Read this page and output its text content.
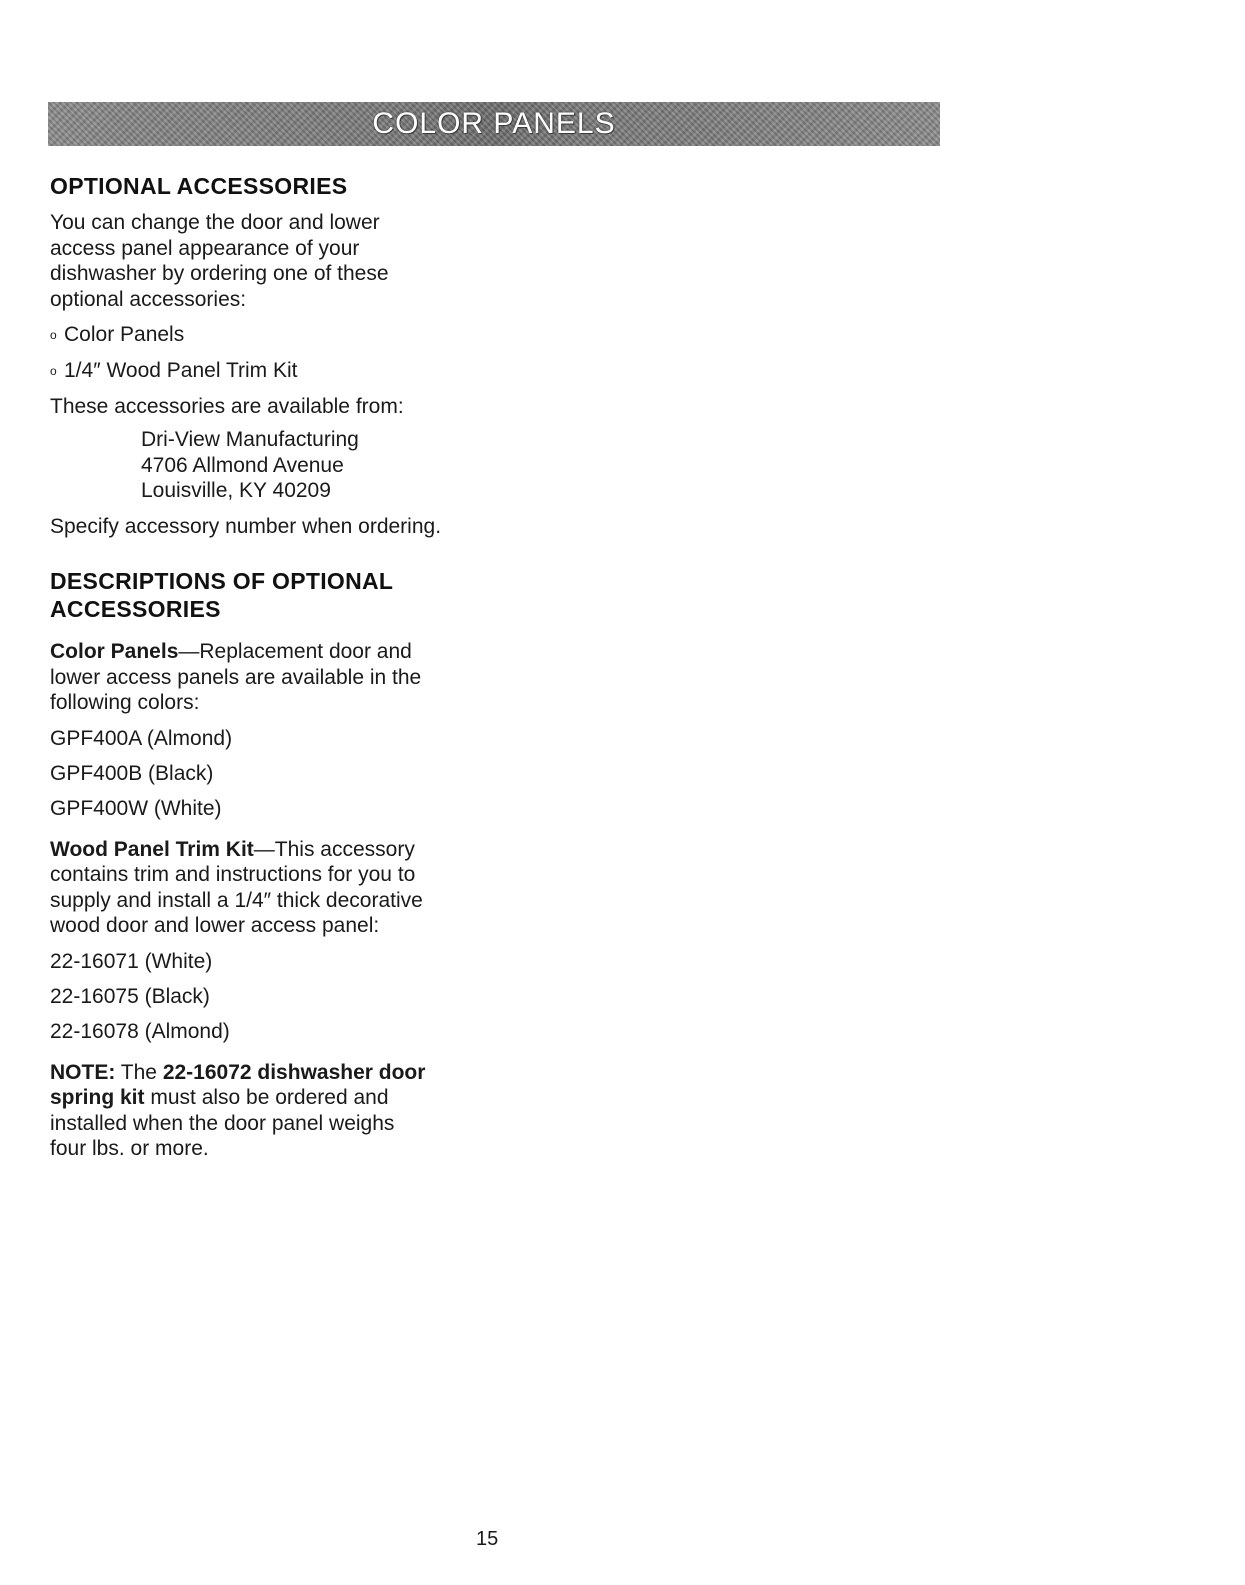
COLOR PANELS
OPTIONAL ACCESSORIES

You can change the door and lower
access panel appearance of your
dishwasher by ordering one of these
optional accessories:

o Color Panels
o 1/4″ Wood Panel Trim Kit

These accessories are available from:

Dri-View Manufacturing
4706 Allmond Avenue
Louisville, KY 40209

Specify accessory number when ordering.

DESCRIPTIONS OF OPTIONAL
ACCESSORIES

Color Panels—Replacement door and
lower access panels are available in the
following colors:

GPF400A (Almond)
GPF400B (Black)
GPF400W (White)

Wood Panel Trim Kit—This accessory
contains trim and instructions for you to
supply and install a 1/4″ thick decorative
wood door and lower access panel:

22-16071 (White)
22-16075 (Black)
22-16078 (Almond)

NOTE: The 22-16072 dishwasher door
spring kit must also be ordered and
installed when the door panel weighs
four lbs. or more.

15
